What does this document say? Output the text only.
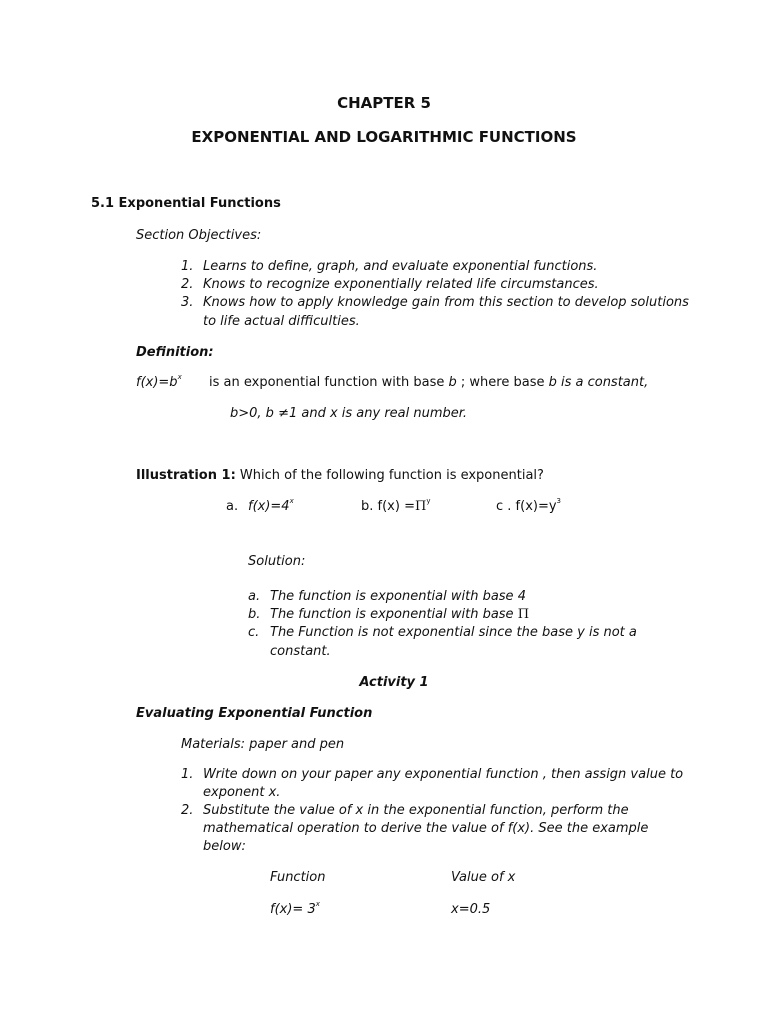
CHAPTER 5
EXPONENTIAL AND LOGARITHMIC FUNCTIONS
5.1 Exponential Functions
Section Objectives:
1. Learns to define, graph, and evaluate exponential functions.
2. Knows to recognize exponentially related life circumstances.
3. Knows how to apply knowledge gain from this section to develop solutions
to life actual difficulties.
Definition:
$f(x)=b^x$ is an exponential function with base b ; where base b is a constant,
b>0, b ≠1 and x is any real number.
Illustration 1: Which of the following function is exponential?
a. $f(x)=4^x$	b. $f(x) =\Pi^y$	c . $f(x)=y^3$
Solution:
a. The function is exponential with base 4
b. The function is exponential with base Π
c. The Function is not exponential since the base y is not a
constant.
Activity 1
Evaluating Exponential Function
Materials: paper and pen
1. Write down on your paper any exponential function , then assign value to
exponent x.
2. Substitute the value of x in the exponential function, perform the
mathematical operation to derive the value of f(x). See the example
below:
Function	Value of x
$f(x)= 3^x$	x=0.5
